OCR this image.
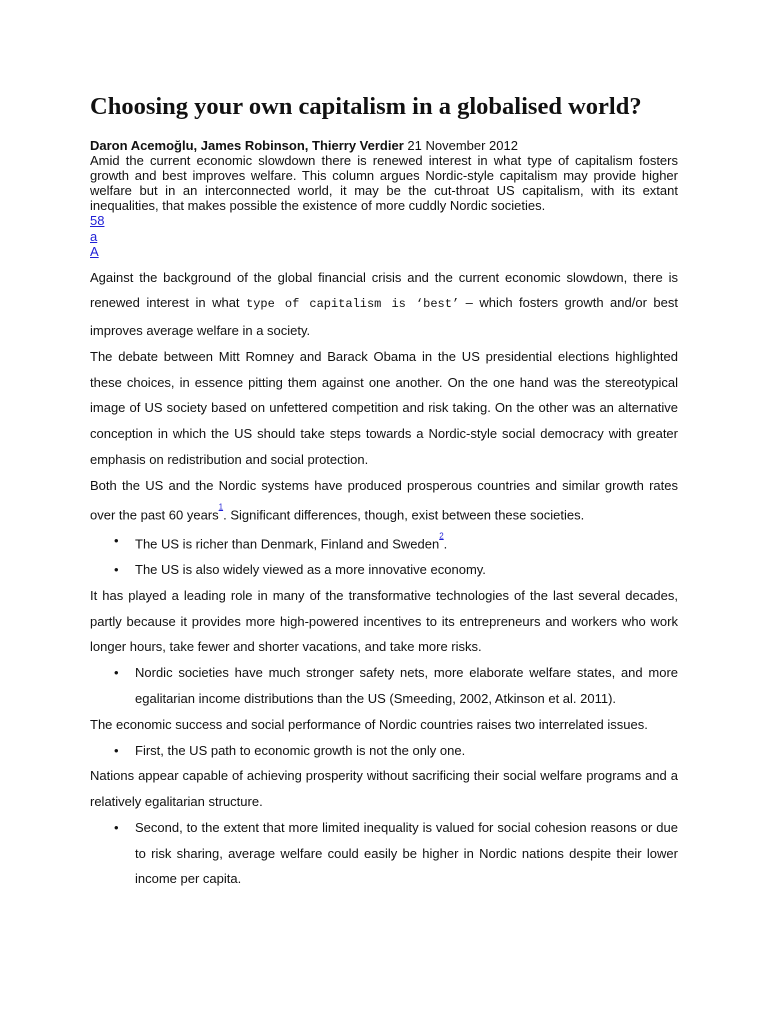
Choosing your own capitalism in a globalised world?

Daron Acemoğlu, James Robinson, Thierry Verdier 21 November 2012

Amid the current economic slowdown there is renewed interest in what type of capitalism fosters growth and best improves welfare. This column argues Nordic-style capitalism may provide higher welfare but in an interconnected world, it may be the cut-throat US capitalism, with its extant inequalities, that makes possible the existence of more cuddly Nordic societies.

58
a
A

Against the background of the global financial crisis and the current economic slowdown, there is renewed interest in what type of capitalism is ‘best’ – which fosters growth and/or best improves average welfare in a society.

The debate between Mitt Romney and Barack Obama in the US presidential elections highlighted these choices, in essence pitting them against one another. On the one hand was the stereotypical image of US society based on unfettered competition and risk taking. On the other was an alternative conception in which the US should take steps towards a Nordic-style social democracy with greater emphasis on redistribution and social protection.

Both the US and the Nordic systems have produced prosperous countries and similar growth rates over the past 60 years$^{^1}$. Significant differences, though, exist between these societies.

• The US is richer than Denmark, Finland and Sweden$^{^2}$.
• The US is also widely viewed as a more innovative economy.

It has played a leading role in many of the transformative technologies of the last several decades, partly because it provides more high-powered incentives to its entrepreneurs and workers who work longer hours, take fewer and shorter vacations, and take more risks.

• Nordic societies have much stronger safety nets, more elaborate welfare states, and more egalitarian income distributions than the US (Smeeding, 2002, Atkinson et al. 2011).

The economic success and social performance of Nordic countries raises two interrelated issues.

• First, the US path to economic growth is not the only one.

Nations appear capable of achieving prosperity without sacrificing their social welfare programs and a relatively egalitarian structure.

• Second, to the extent that more limited inequality is valued for social cohesion reasons or due to risk sharing, average welfare could easily be higher in Nordic nations despite their lower income per capita.
